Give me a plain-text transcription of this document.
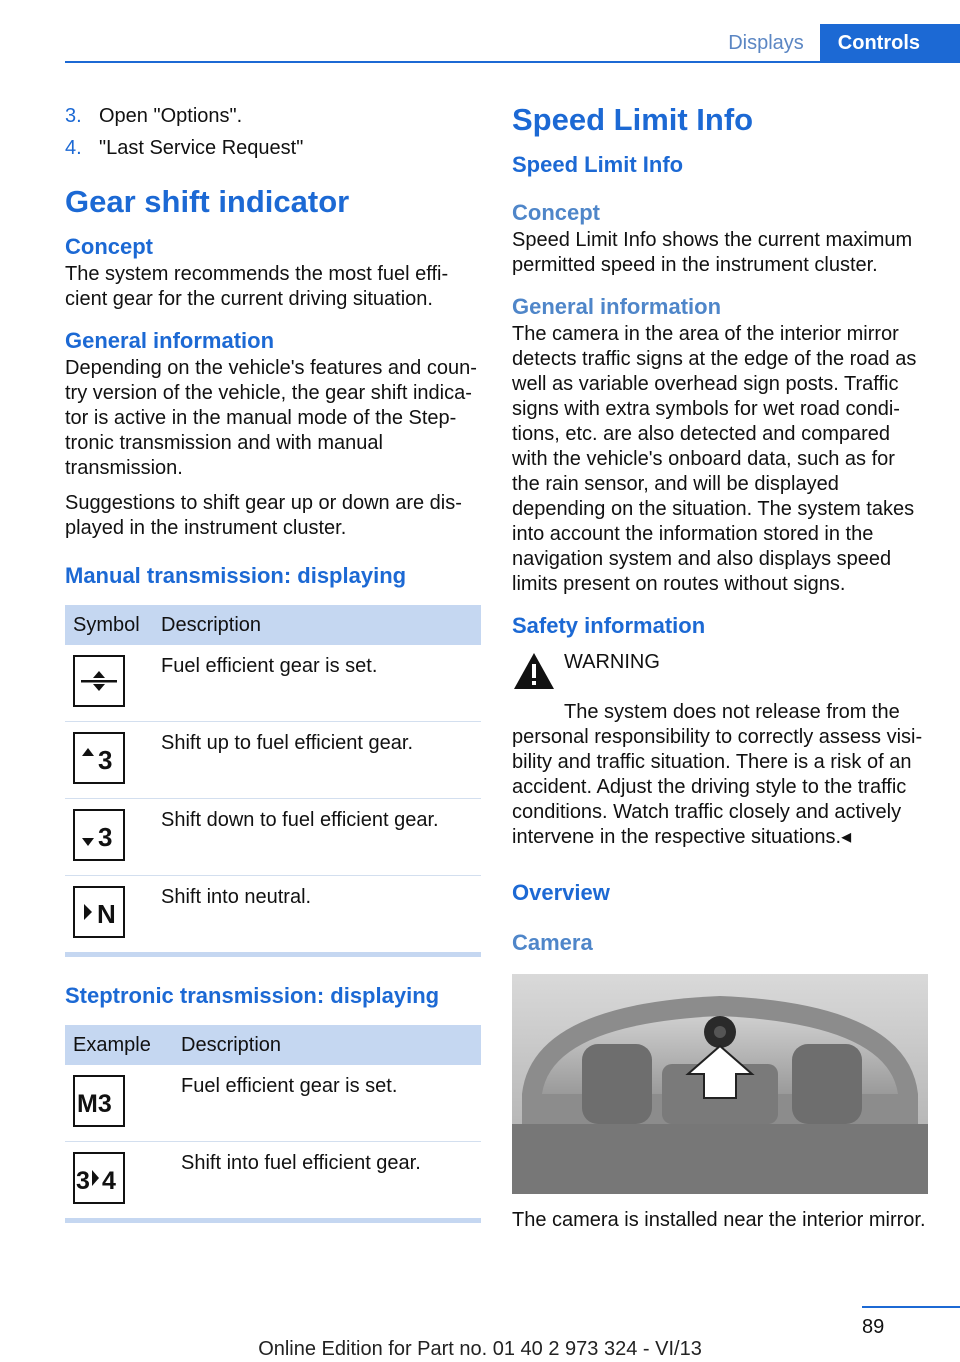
Displays	Controls
3. Open "Options".
4. "Last Service Request"
Gear shift indicator
Concept

The system recommends the most fuel efficient gear for the current driving situation.

General information

Depending on the vehicle's features and country version of the vehicle, the gear shift indicator is active in the manual mode of the Steptronic transmission and with manual transmission.

Suggestions to shift gear up or down are displayed in the instrument cluster.

Manual transmission: displaying
Symbol	Description

	Fuel efficient gear is set.

3	Shift up to fuel efficient gear.

3	Shift down to fuel efficient gear.

N	Shift into neutral.
Steptronic transmission: displaying
Example	Description

M3	Fuel efficient gear is set.

3 4	Shift into fuel efficient gear.
Speed Limit Info
Speed Limit Info
Concept

Speed Limit Info shows the current maximum permitted speed in the instrument cluster.

General information

The camera in the area of the interior mirror detects traffic signs at the edge of the road as well as variable overhead sign posts. Traffic signs with extra symbols for wet road conditions, etc. are also detected and compared with the vehicle's onboard data, such as for the rain sensor, and will be displayed depending on the situation. The system takes into account the information stored in the navigation system and also displays speed limits present on routes without signs.

Safety information
WARNING
The system does not release from the personal responsibility to correctly assess visibility and traffic situation. There is a risk of an accident. Adjust the driving style to the traffic conditions. Watch traffic closely and actively intervene in the respective situations.◂
Overview
Camera

The camera is installed near the interior mirror.

89
Online Edition for Part no. 01 40 2 973 324 - VI/13
